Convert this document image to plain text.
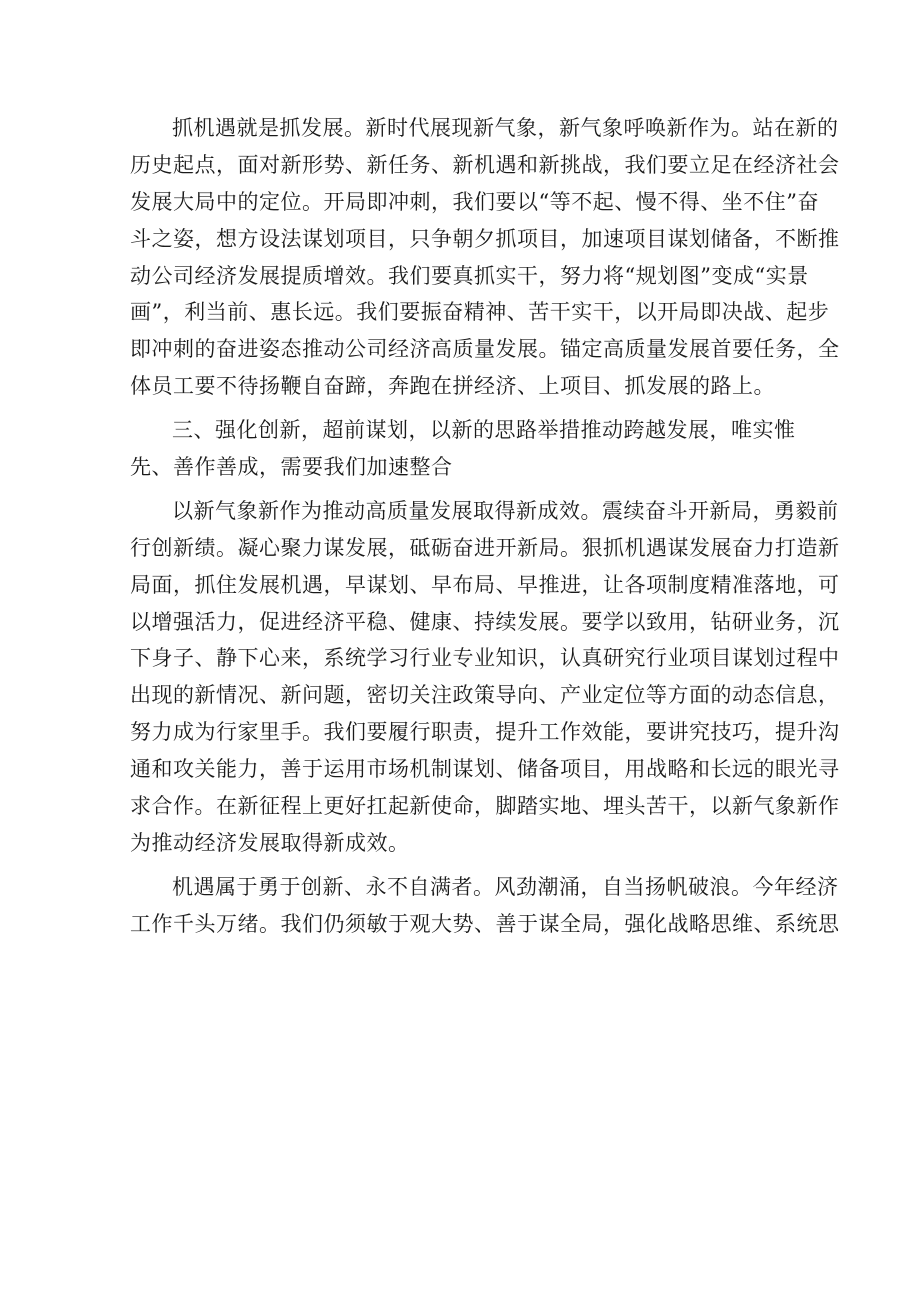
抓机遇就是抓发展。新时代展现新气象，新气象呼唤新作为。站在新的
历史起点，面对新形势、新任务、新机遇和新挑战，我们要立足在经济社会
发展大局中的定位。开局即冲刺，我们要以“等不起、慢不得、坐不住”奋
斗之姿，想方设法谋划项目，只争朝夕抓项目，加速项目谋划储备，不断推
动公司经济发展提质增效。我们要真抓实干，努力将“规划图”变成“实景
画”，利当前、惠长远。我们要振奋精神、苦干实干，以开局即决战、起步
即冲刺的奋进姿态推动公司经济高质量发展。锚定高质量发展首要任务，全
体员工要不待扬鞭自奋蹄，奔跑在拼经济、上项目、抓发展的路上。
三、强化创新，超前谋划，以新的思路举措推动跨越发展，唯实惟
先、善作善成，需要我们加速整合
以新气象新作为推动高质量发展取得新成效。震续奋斗开新局，勇毅前
行创新绩。凝心聚力谋发展，砥砺奋进开新局。狠抓机遇谋发展奋力打造新
局面，抓住发展机遇，早谋划、早布局、早推进，让各项制度精准落地，可
以增强活力，促进经济平稳、健康、持续发展。要学以致用，钻研业务，沉
下身子、静下心来，系统学习行业专业知识，认真研究行业项目谋划过程中
出现的新情况、新问题，密切关注政策导向、产业定位等方面的动态信息，
努力成为行家里手。我们要履行职责，提升工作效能，要讲究技巧，提升沟
通和攻关能力，善于运用市场机制谋划、储备项目，用战略和长远的眼光寻
求合作。在新征程上更好扛起新使命，脚踏实地、埋头苦干，以新气象新作
为推动经济发展取得新成效。
机遇属于勇于创新、永不自满者。风劲潮涌，自当扬帆破浪。今年经济
工作千头万绪。我们仍须敏于观大势、善于谋全局，强化战略思维、系统思
